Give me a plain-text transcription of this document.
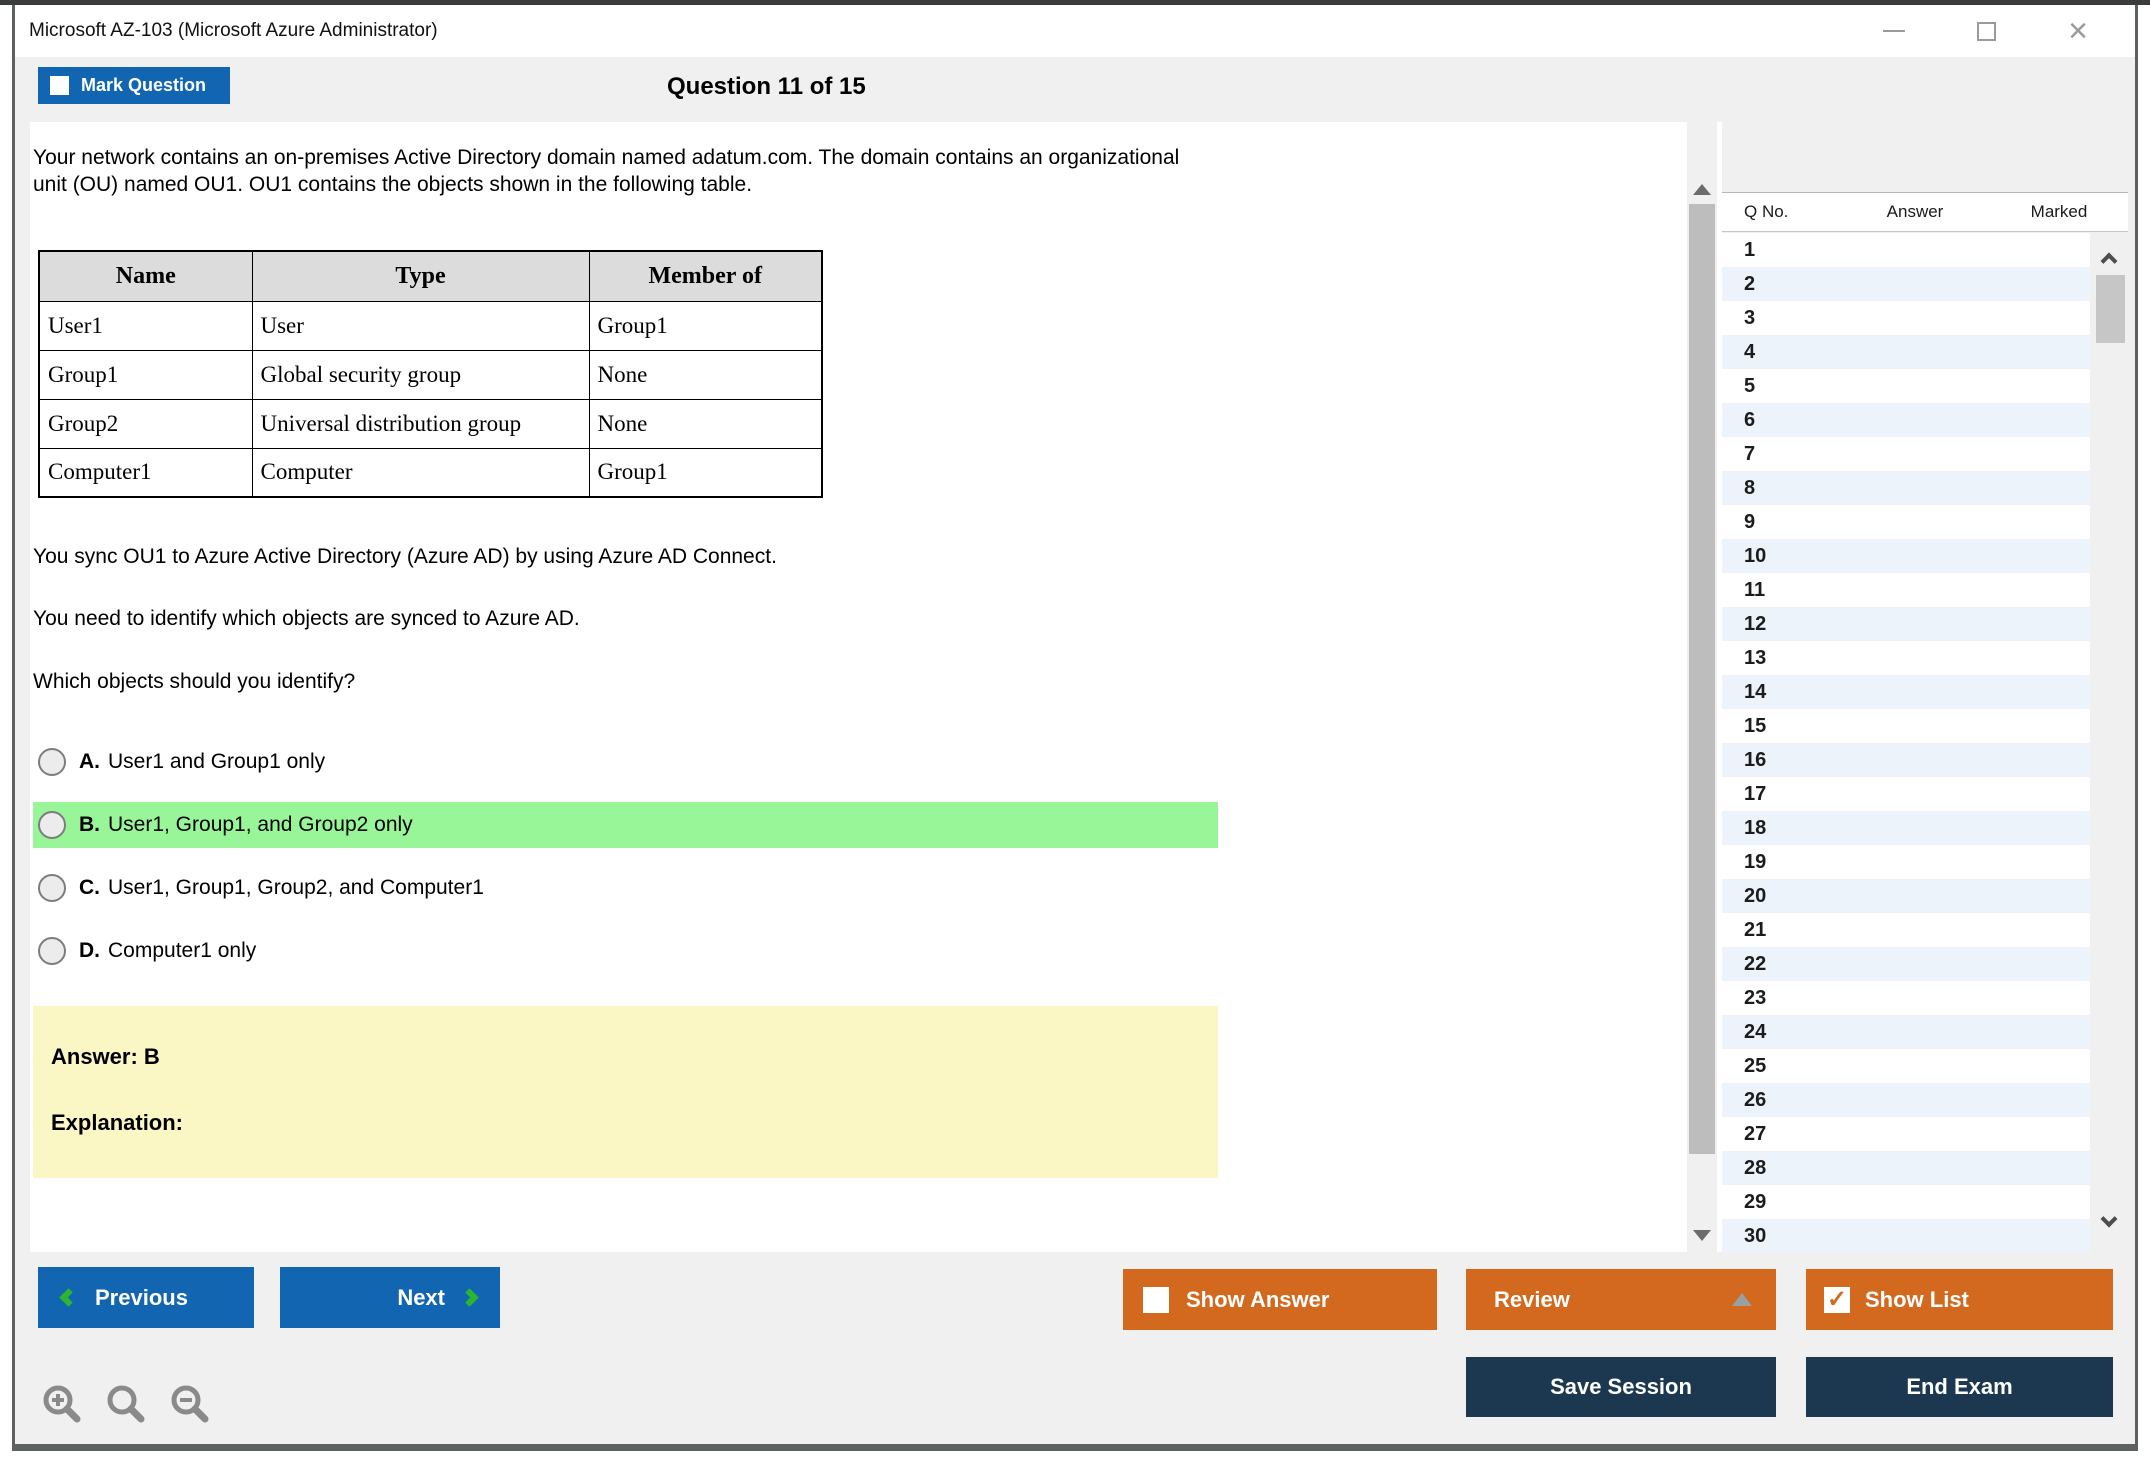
Microsoft AZ-103 (Microsoft Azure Administrator)	×
Mark Question	Question 11 of 15
Your network contains an on-premises Active Directory domain named adatum.com. The domain contains an organizational unit (OU) named OU1. OU1 contains the objects shown in the following table.
Name	Type	Member of
User1	User	Group1
Group1	Global security group	None
Group2	Universal distribution group	None
Computer1	Computer	Group1
You sync OU1 to Azure Active Directory (Azure AD) by using Azure AD Connect.
You need to identify which objects are synced to Azure AD.
Which objects should you identify?
A. User1 and Group1 only
B. User1, Group1, and Group2 only
C. User1, Group1, Group2, and Computer1
D. Computer1 only
Answer: B
Explanation:
Q No.	Answer	Marked
1
2
3
4
5
6
7
8
9
10
11
12
13
14
15
16
17
18
19
20
21
22
23
24
25
26
27
28
29
30
Previous	Next	Show Answer	Review	✓ Show List
Save Session	End Exam
